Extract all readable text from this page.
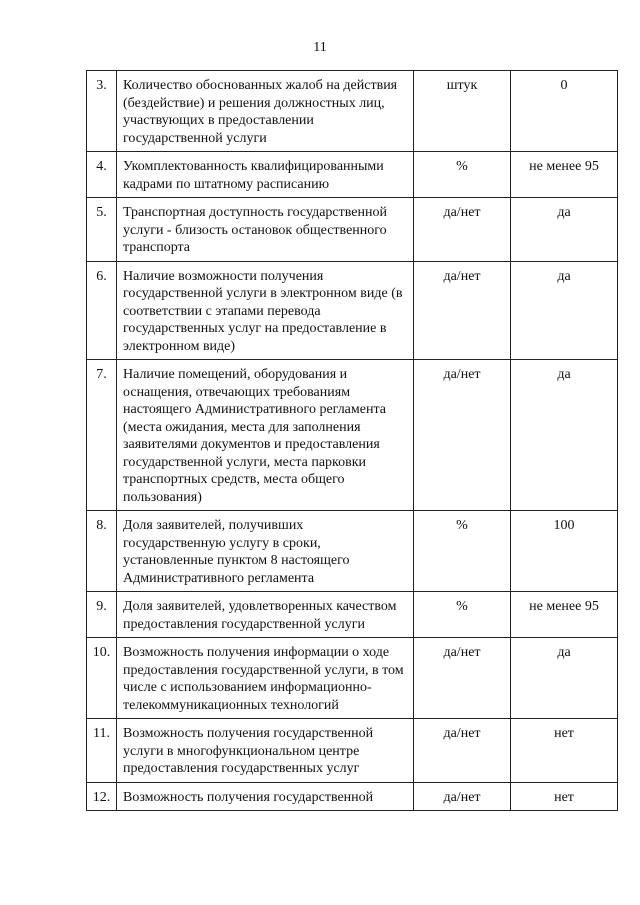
11
3.	Количество обоснованных жалоб на действия (бездействие) и решения должностных лиц, участвующих в предоставлении государственной услуги	штук	0
4.	Укомплектованность квалифицированными кадрами по штатному расписанию	%	не менее 95
5.	Транспортная доступность государственной услуги - близость остановок общественного транспорта	да/нет	да
6.	Наличие возможности получения государственной услуги в электронном виде (в соответствии с этапами перевода государственных услуг на предоставление в электронном виде)	да/нет	да
7.	Наличие помещений, оборудования и оснащения, отвечающих требованиям настоящего Административного регламента (места ожидания, места для заполнения заявителями документов и предоставления государственной услуги, места парковки транспортных средств, места общего пользования)	да/нет	да
8.	Доля заявителей, получивших государственную услугу в сроки, установленные пунктом 8 настоящего Административного регламента	%	100
9.	Доля заявителей, удовлетворенных качеством предоставления государственной услуги	%	не менее 95
10.	Возможность получения информации о ходе предоставления государственной услуги, в том числе с использованием информационно-телекоммуникационных технологий	да/нет	да
11.	Возможность получения государственной услуги в многофункциональном центре предоставления государственных услуг	да/нет	нет
12.	Возможность получения государственной	да/нет	нет
